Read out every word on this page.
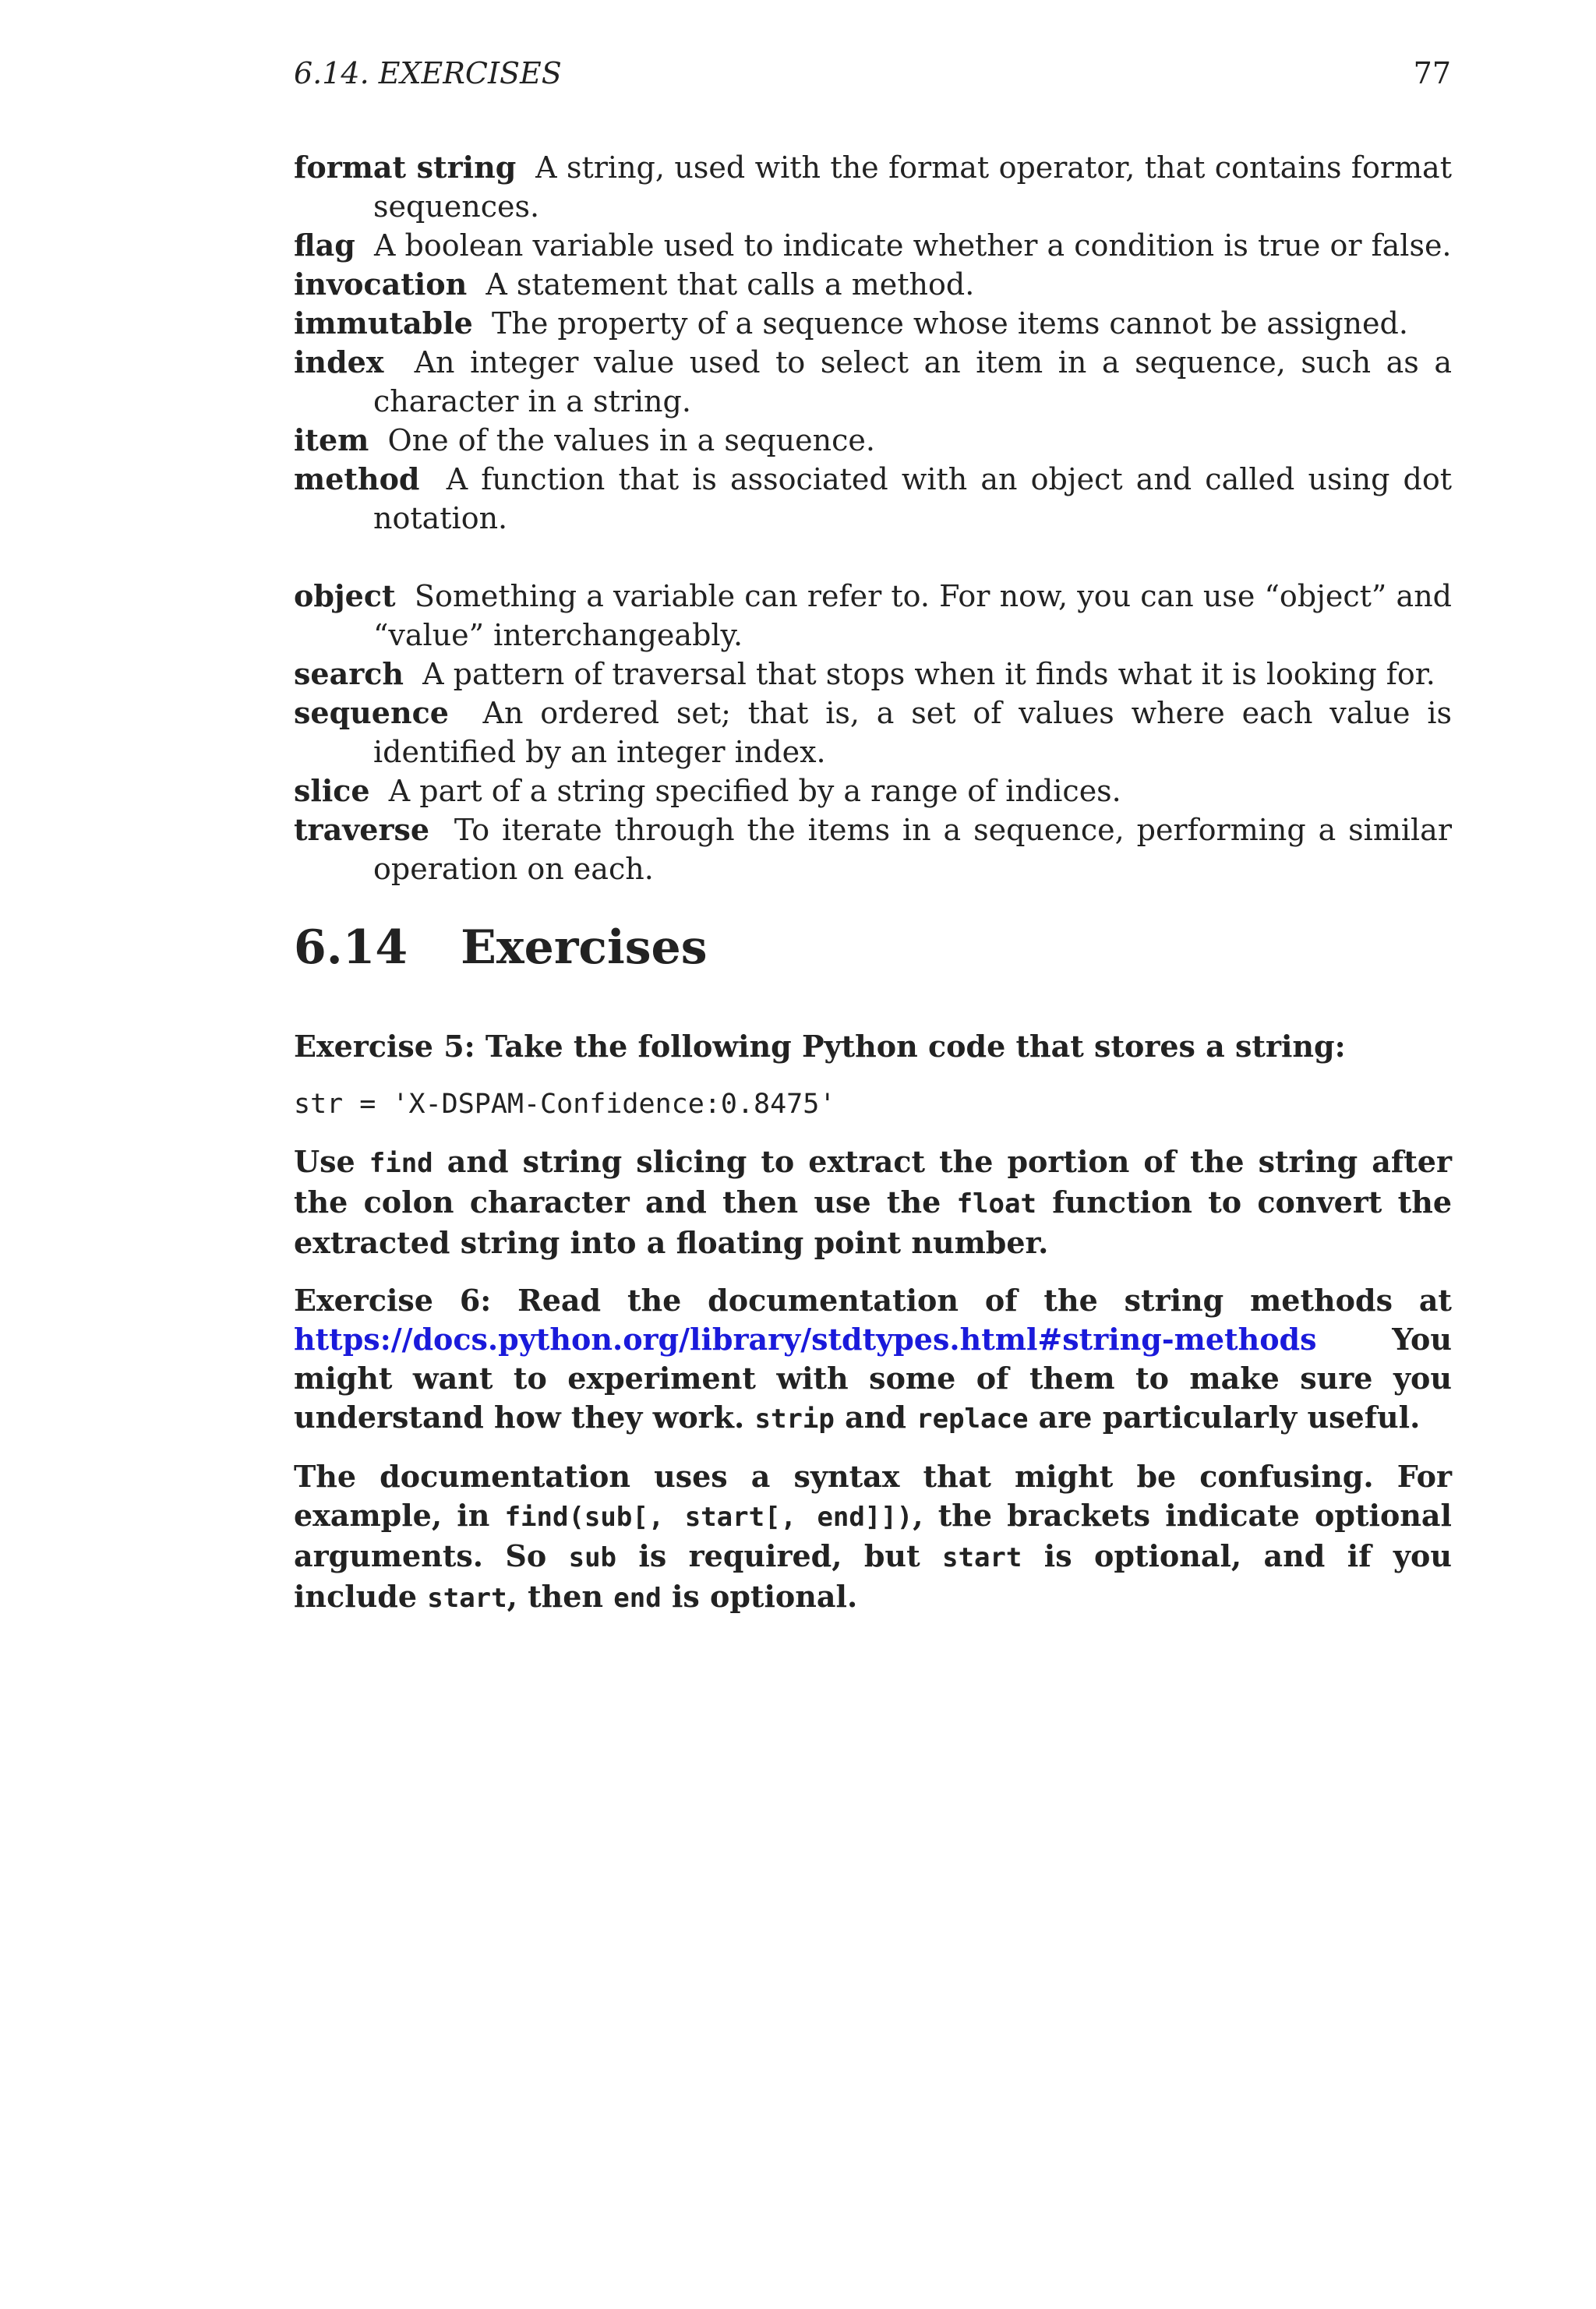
6.14. EXERCISES	77

format string A string, used with the format operator, that contains format sequences.

flag A boolean variable used to indicate whether a condition is true or false.

invocation A statement that calls a method.

immutable The property of a sequence whose items cannot be assigned.

index An integer value used to select an item in a sequence, such as a character in a string.

item One of the values in a sequence.

method A function that is associated with an object and called using dot notation.

object Something a variable can refer to. For now, you can use “object” and “value” interchangeably.

search A pattern of traversal that stops when it finds what it is looking for.

sequence An ordered set; that is, a set of values where each value is identified by an integer index.

slice A part of a string specified by a range of indices.

traverse To iterate through the items in a sequence, performing a similar operation on each.

6.14 Exercises

Exercise 5: Take the following Python code that stores a string:

str = 'X-DSPAM-Confidence:0.8475'

Use find and string slicing to extract the portion of the string after the colon character and then use the float function to convert the extracted string into a floating point number.

Exercise 6: Read the documentation of the string methods at https://docs.python.org/library/stdtypes.html#string-methods	You might want to experiment with some of them to make sure you understand how they work. strip and replace are particularly useful.

The documentation uses a syntax that might be confusing. For example, in find(sub[, start[, end]]), the brackets indicate optional arguments. So sub is required, but start is optional, and if you include start, then end is optional.
